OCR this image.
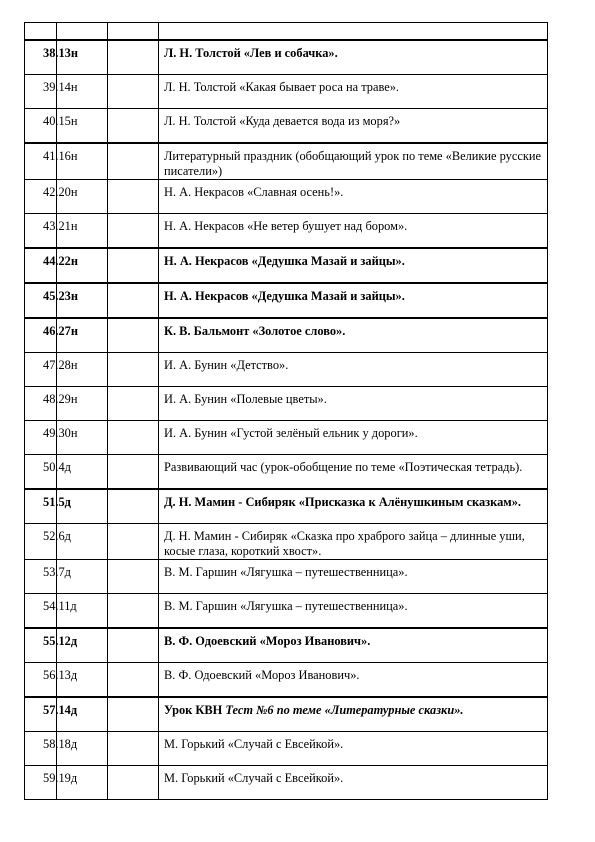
38.13н			Л. Н. Толстой «Лев и собачка».

39.14н			Л. Н. Толстой «Какая бывает роса на траве».

40.15н			Л. Н. Толстой «Куда девается вода из моря?»

41.16н			Литературный праздник (обобщающий урок по теме «Великие русские писатели»)

42.20н			Н. А. Некрасов «Славная осень!».

43.21н			Н. А. Некрасов «Не ветер бушует над бором».

44.22н			Н. А. Некрасов «Дедушка Мазай и зайцы».

45.23н			Н. А. Некрасов «Дедушка Мазай и зайцы».

46.27н			К. В. Бальмонт «Золотое слово».

47.28н			И. А. Бунин «Детство».

48.29н			И. А. Бунин «Полевые цветы».

49.30н			И. А. Бунин «Густой зелёный ельник у дороги».

50.4д			Развивающий час (урок-обобщение по теме «Поэтическая тетрадь).

51.5д			Д. Н. Мамин - Сибиряк «Присказка к Алёнушкиным сказкам».

52.6д			Д. Н. Мамин - Сибиряк «Сказка про храброго зайца – длинные уши, косые глаза, короткий хвост».

53.7д			В. М. Гаршин «Лягушка – путешественница».

54.11д			В. М. Гаршин «Лягушка – путешественница».

55.12д			В. Ф. Одоевский «Мороз Иванович».

56.13д			В. Ф. Одоевский «Мороз Иванович».

57.14д			Урок КВН Тест №6 по теме «Литературные сказки».

58.18д			М. Горький «Случай с Евсейкой».

59.19д			М. Горький «Случай с Евсейкой».
